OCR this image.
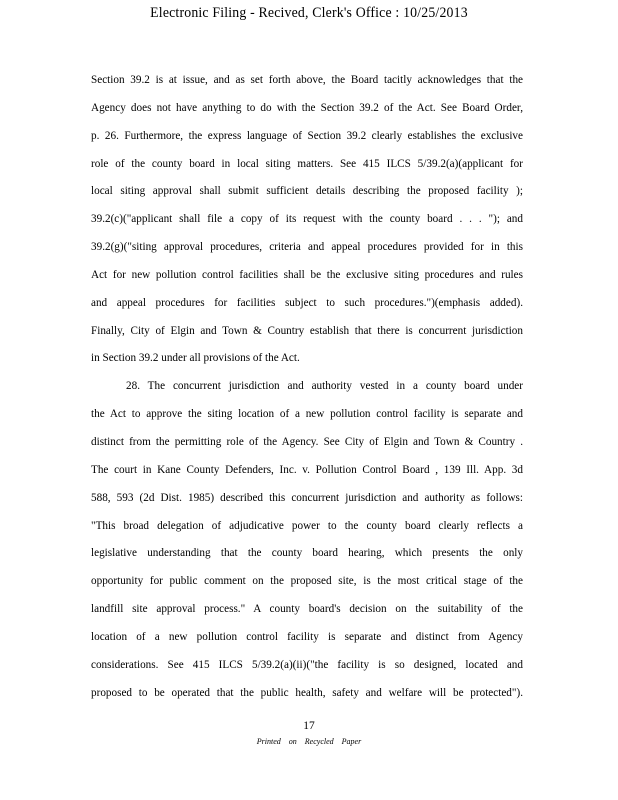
Electronic Filing - Recived, Clerk's Office : 10/25/2013
Section 39.2 is at issue, and as set forth above, the Board tacitly acknowledges that the
Agency does not have anything to do with the Section 39.2 of the Act. See Board Order,
p. 26. Furthermore, the express language of Section 39.2 clearly establishes the exclusive
role of the county board in local siting matters. See 415 ILCS 5/39.2(a)(applicant for
local siting approval shall submit sufficient details describing the proposed facility );
39.2(c)("applicant shall file a copy of its request with the county board . . . "); and
39.2(g)("siting approval procedures, criteria and appeal procedures provided for in this
Act for new pollution control facilities shall be the exclusive siting procedures and rules
and appeal procedures for facilities subject to such procedures.")(emphasis added).
Finally, City of Elgin and Town & Country establish that there is concurrent jurisdiction
in Section 39.2 under all provisions of the Act.
28. The concurrent jurisdiction and authority vested in a county board under
the Act to approve the siting location of a new pollution control facility is separate and
distinct from the permitting role of the Agency. See City of Elgin and Town & Country .
The court in Kane County Defenders, Inc. v. Pollution Control Board , 139 Ill. App. 3d
588, 593 (2d Dist. 1985) described this concurrent jurisdiction and authority as follows:
"This broad delegation of adjudicative power to the county board clearly reflects a
legislative understanding that the county board hearing, which presents the only
opportunity for public comment on the proposed site, is the most critical stage of the
landfill site approval process." A county board's decision on the suitability of the
location of a new pollution control facility is separate and distinct from Agency
considerations. See 415 ILCS 5/39.2(a)(ii)("the facility is so designed, located and
proposed to be operated that the public health, safety and welfare will be protected").
17
Printed on Recycled Paper
